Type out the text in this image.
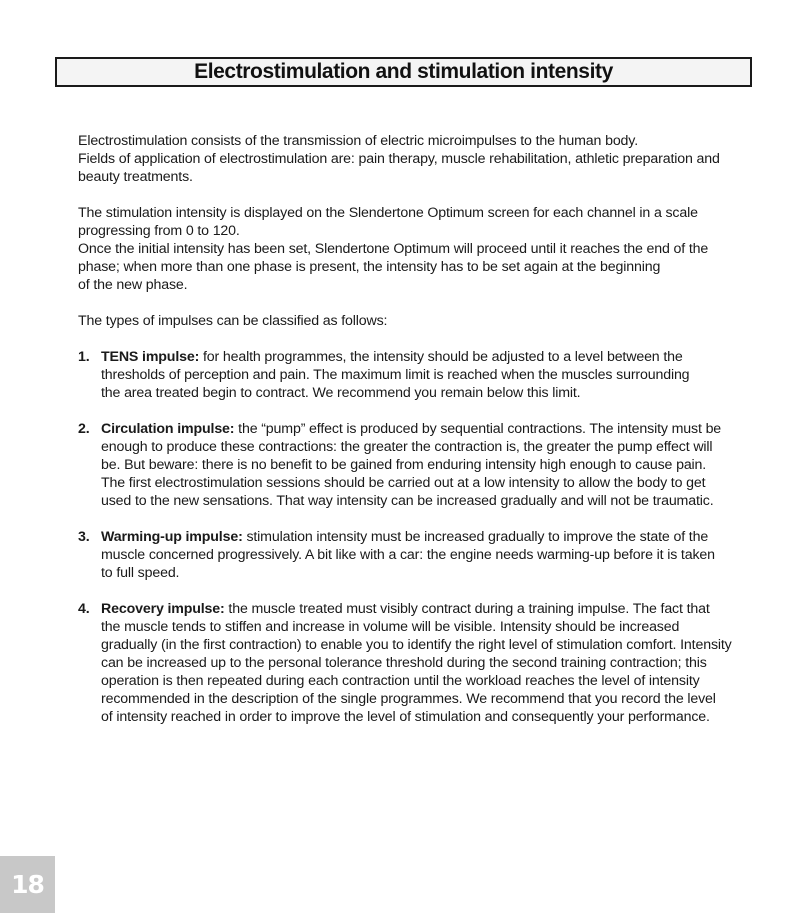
Electrostimulation and stimulation intensity

Electrostimulation consists of the transmission of electric microimpulses to the human body.
Fields of application of electrostimulation are: pain therapy, muscle rehabilitation, athletic preparation and
beauty treatments.

The stimulation intensity is displayed on the Slendertone Optimum screen for each channel in a scale
progressing from 0 to 120.
Once the initial intensity has been set, Slendertone Optimum will proceed until it reaches the end of the
phase; when more than one phase is present, the intensity has to be set again at the beginning
of the new phase.

The types of impulses can be classified as follows:

1. TENS impulse: for health programmes, the intensity should be adjusted to a level between the
thresholds of perception and pain. The maximum limit is reached when the muscles surrounding
the area treated begin to contract. We recommend you remain below this limit.
2. Circulation impulse: the “pump” effect is produced by sequential contractions. The intensity must be
enough to produce these contractions: the greater the contraction is, the greater the pump effect will
be. But beware: there is no benefit to be gained from enduring intensity high enough to cause pain.
The first electrostimulation sessions should be carried out at a low intensity to allow the body to get
used to the new sensations. That way intensity can be increased gradually and will not be traumatic.
3. Warming-up impulse: stimulation intensity must be increased gradually to improve the state of the
muscle concerned progressively. A bit like with a car: the engine needs warming-up before it is taken
to full speed.
4. Recovery impulse: the muscle treated must visibly contract during a training impulse. The fact that
the muscle tends to stiffen and increase in volume will be visible. Intensity should be increased
gradually (in the first contraction) to enable you to identify the right level of stimulation comfort. Intensity
can be increased up to the personal tolerance threshold during the second training contraction; this
operation is then repeated during each contraction until the workload reaches the level of intensity
recommended in the description of the single programmes. We recommend that you record the level
of intensity reached in order to improve the level of stimulation and consequently your performance.
18
